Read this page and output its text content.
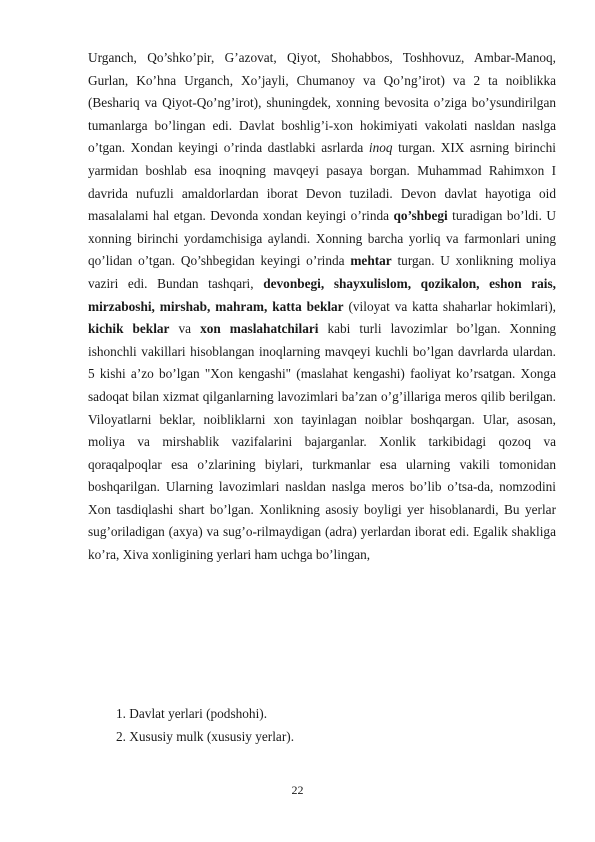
Urganch, Qo’shko’pir, G’azovat, Qiyot, Shohabbos, Toshhovuz, Ambar-Manoq, Gurlan, Ko’hna Urganch, Xo’jayli, Chumanoy va Qo’ng’irot) va 2 ta noiblikka (Beshariq va Qiyot-Qo’ng’irot), shuningdek, xonning bevosita o’ziga bo’ysundirilgan tumanlarga bo’lingan edi. Davlat boshlig’i-xon hokimiyati vakolati nasldan naslga o’tgan. Xondan keyingi o’rinda dastlabki asrlarda inoq turgan. XIX asrning birinchi yarmidan boshlab esa inoqning mavqeyi pasaya borgan. Muhammad Rahimxon I davrida nufuzli amaldorlardan iborat Devon tuziladi. Devon davlat hayotiga oid masalalami hal etgan. Devonda xondan keyingi o’rinda qo’shbegi turadigan bo’ldi. U xonning birinchi yordamchisiga aylandi. Xonning barcha yorliq va farmonlari uning qo’lidan o’tgan. Qo’shbegidan keyingi o’rinda mehtar turgan. U xonlikning moliya vaziri edi. Bundan tashqari, devonbegi, shayxulislom, qozikalon, eshon rais, mirzaboshi, mirshab, mahram, katta beklar (viloyat va katta shaharlar hokimlari), kichik beklar va xon maslahatchilari kabi turli lavozimlar bo’lgan. Xonning ishonchli vakillari hisoblangan inoqlarning mavqeyi kuchli bo’lgan davrlarda ulardan. 5 kishi a’zo bo’lgan "Xon kengashi" (maslahat kengashi) faoliyat ko’rsatgan. Xonga sadoqat bilan xizmat qilganlarning lavozimlari ba’zan o’g’illariga meros qilib berilgan. Viloyatlarni beklar, noibliklarni xon tayinlagan noiblar boshqargan. Ular, asosan, moliya va mirshablik vazifalarini bajarganlar. Xonlik tarkibidagi qozoq va qoraqalpoqlar esa o’zlarining biylari, turkmanlar esa ularning vakili tomonidan boshqarilgan. Ularning lavozimlari nasldan naslga meros bo’lib o’tsa-da, nomzodini Xon tasdiqlashi shart bo’lgan. Xonlikning asosiy boyligi yer hisoblanardi, Bu yerlar sug’oriladigan (axya) va sug’o-rilmaydigan (adra) yerlardan iborat edi. Egalik shakliga ko’ra, Xiva xonligining yerlari ham uchga bo’lingan,

1. Davlat yerlari (podshohi).
2. Xususiy mulk (xususiy yerlar).
22
